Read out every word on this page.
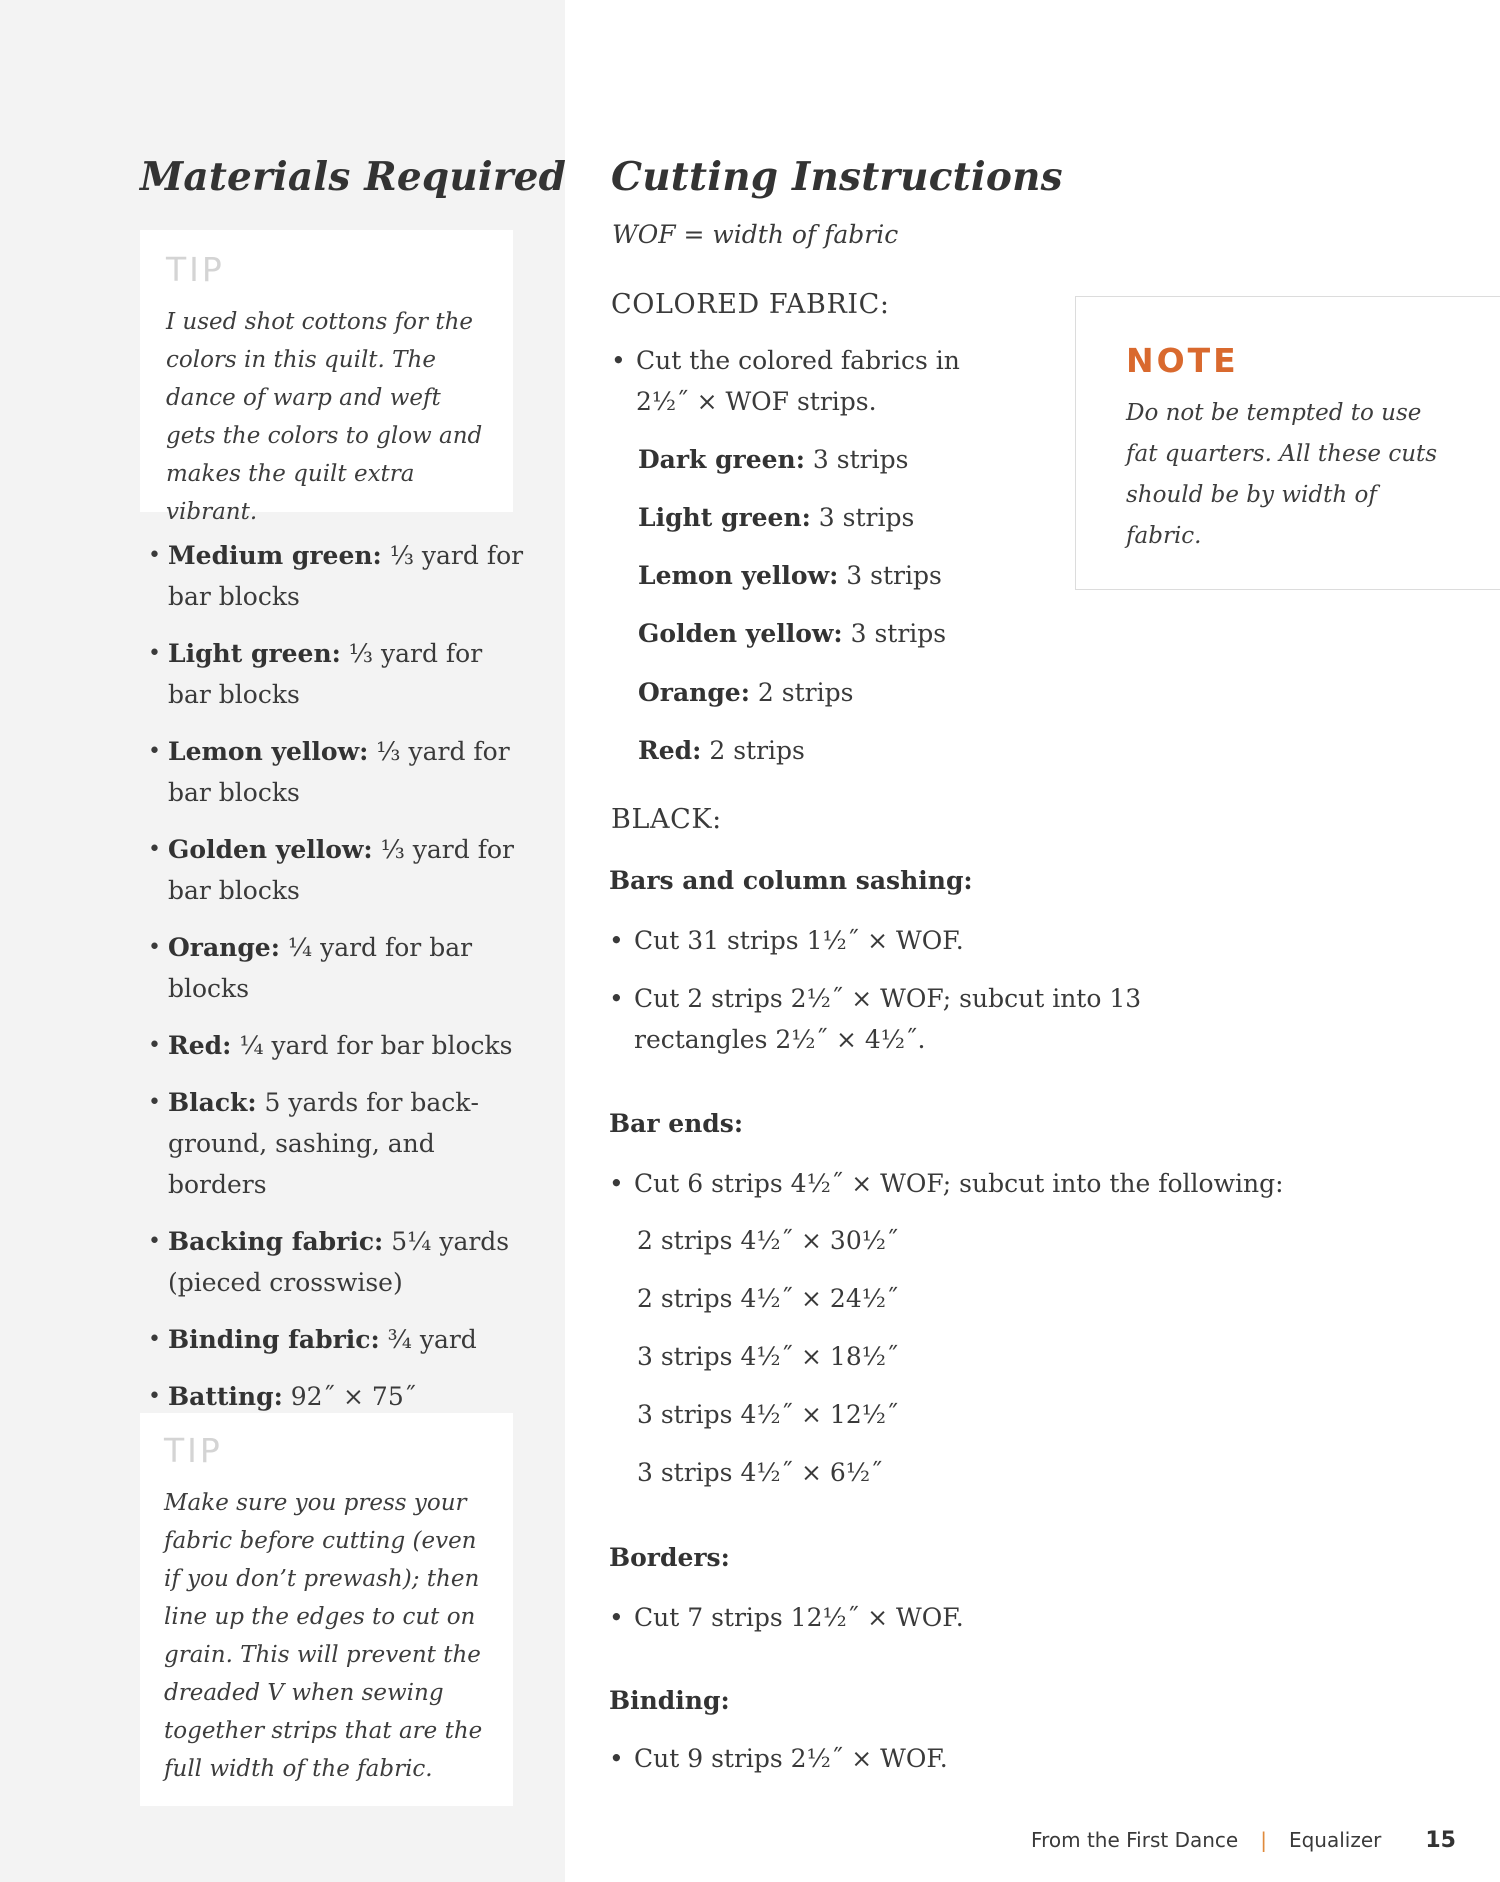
Materials Required

TIP

I used shot cottons for the colors in this quilt. The dance of warp and weft gets the colors to glow and makes the quilt extra vibrant.

• Medium green: ⅓ yard for bar blocks
• Light green: ⅓ yard for bar blocks
• Lemon yellow: ⅓ yard for bar blocks
• Golden yellow: ⅓ yard for bar blocks
• Orange: ¼ yard for bar blocks
• Red: ¼ yard for bar blocks
• Black: 5 yards for background, sashing, and borders
• Backing fabric: 5¼ yards (pieced crosswise)
• Binding fabric: ¾ yard
• Batting: 92˝ × 75˝

TIP

Make sure you press your fabric before cutting (even if you don’t prewash); then line up the edges to cut on grain. This will prevent the dreaded V when sewing together strips that are the full width of the fabric.

Cutting Instructions

WOF = width of fabric

COLORED FABRIC:

• Cut the colored fabrics in 2½˝ × WOF strips.

Dark green: 3 strips

Light green: 3 strips

Lemon yellow: 3 strips

Golden yellow: 3 strips

Orange: 2 strips

Red: 2 strips

BLACK:
Bars and column sashing:

• Cut 31 strips 1½˝ × WOF.

• Cut 2 strips 2½˝ × WOF; subcut into 13 rectangles 2½˝ × 4½˝.

Bar ends:

• Cut 6 strips 4½˝ × WOF; subcut into the following:

2 strips 4½˝ × 30½˝

2 strips 4½˝ × 24½˝

3 strips 4½˝ × 18½˝

3 strips 4½˝ × 12½˝

3 strips 4½˝ × 6½˝

Borders:

• Cut 7 strips 12½˝ × WOF.

Binding:

• Cut 9 strips 2½˝ × WOF.

NOTE

Do not be tempted to use fat quarters. All these cuts should be by width of fabric.

From the First Dance | Equalizer 15
